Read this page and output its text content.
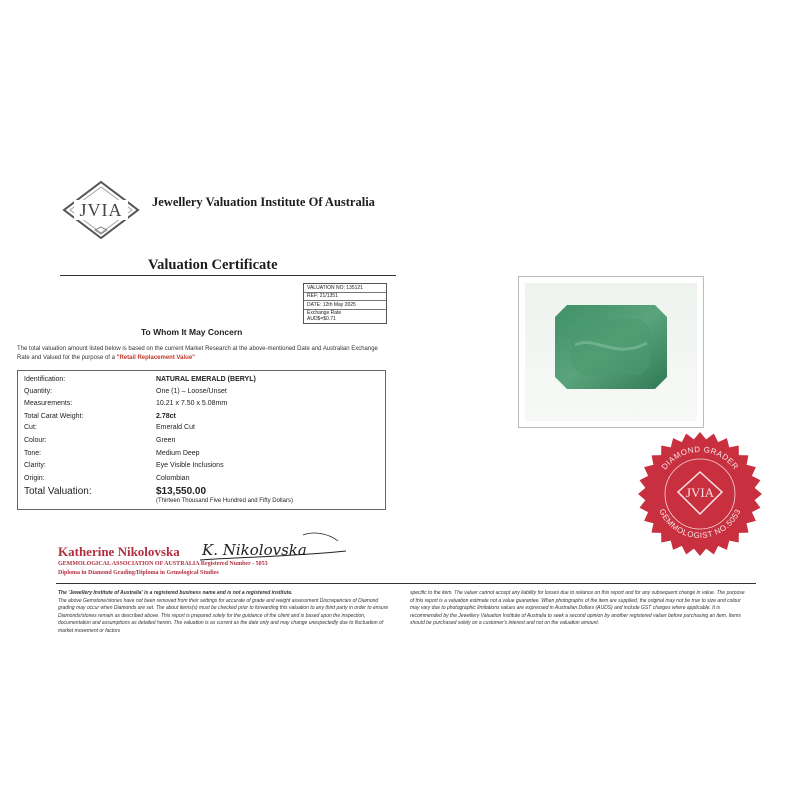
JVIA Jewellery Valuation Institute Of Australia
Valuation Certificate
VALUATION NO: 135121
REF: 21/1351
DATE: 12th May 2025
Exchange Rate
AUD$=$0.71
To Whom It May Concern
The total valuation amount listed below is based on the current Market Research at the above-mentioned Date and Australian Exchange Rate and Valued for the purpose of a "Retail Replacement Value"
Identification:	NATURAL EMERALD (BERYL)
Quantity:	One (1) – Loose/Unset
Measurements:	10.21 x 7.50 x 5.08mm
Total Carat Weight:	2.78ct
Cut:	Emerald Cut
Colour:	Green
Tone:	Medium Deep
Clarity:	Eye Visible Inclusions
Origin:	Colombian
Total Valuation:	$13,550.00
(Thirteen Thousand Five Hundred and Fifty Dollars)
DIAMOND GRADER
GEMMOLOGIST NO.5053
JVIA
Katherine Nikolovska K. Nikolovska
GEMMOLOGICAL ASSOCIATION OF AUSTRALIA Registered Number - 5053
Diploma in Diamond Grading/Diploma in Gemological Studies
The 'Jewellery Institute of Australia' is a registered business name and is not a registered institute.
The above Gemstone/stones have not been removed from their settings for accurate of grade and weight assessment Discrepancies of Diamond grading may occur when Diamonds are set. The about items(s) must be checked prior to forwarding this valuation to any third party in order to ensure Diamonds/stones remain as described above. This report is prepared solely for the guidance of the client and is based upon the inspection, documentation and assumptions as detailed herein. The valuation is as current as the date only and may change unexpectedly due to fluctuation of market movement or factors
specific to the item. The valuer cannot accept any liability for losses due to reliance on this report and for any subsequent change in value. The purpose of this report is a valuation estimate not a value guarantee. When photographs of the item are supplied, the original may not be true to size and colour may vary due to photographic limitations values are expressed in Australian Dollars (AUDS) and include GST charges where applicable. It is recommended by the Jewellery Valuation Institute of Australia to seek a second opinion by another registered valuer before purchasing an item. Items should be purchased solely on a customer's interest and not on the valuation amount.
